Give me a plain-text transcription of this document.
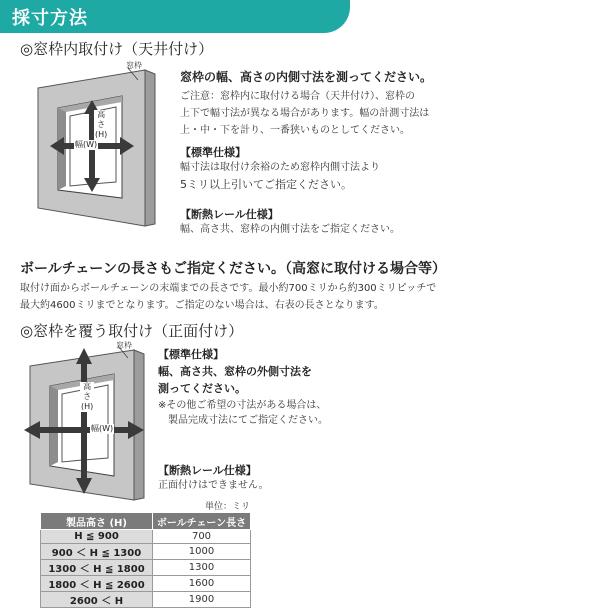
採寸方法
◎窓枠内取付け（天井付け）
窓枠
高
さ
(H)
幅(W)
窓枠の幅、高さの内側寸法を測ってください。
ご注意：窓枠内に取付ける場合（天井付け）、窓枠の
上下で幅寸法が異なる場合があります。幅の計測寸法は
上・中・下を計り、一番狭いものとしてください。
【標準仕様】
幅寸法は取付け余裕のため窓枠内側寸法より
5ミリ以上引いてご指定ください。
【断熱レール仕様】
幅、高さ共、窓枠の内側寸法をご指定ください。
ボールチェーンの長さもご指定ください。（高窓に取付ける場合等）
取付け面からボールチェーンの末端までの長さです。最小約700ミリから約300ミリピッチで
最大約4600ミリまでとなります。ご指定のない場合は、右表の長さとなります。
◎窓枠を覆う取付け（正面付け）
窓枠
高
さ
(H)
幅(W)
【標準仕様】
幅、高さ共、窓枠の外側寸法を
測ってください。
※その他ご希望の寸法がある場合は、
　製品完成寸法にてご指定ください。
【断熱レール仕様】
正面付けはできません。
単位：ミリ
製品高さ (H)	ボールチェーン長さ
H ≦ 900	700
900 ＜ H ≦ 1300	1000
1300 ＜ H ≦ 1800	1300
1800 ＜ H ≦ 2600	1600
2600 ＜ H	1900
